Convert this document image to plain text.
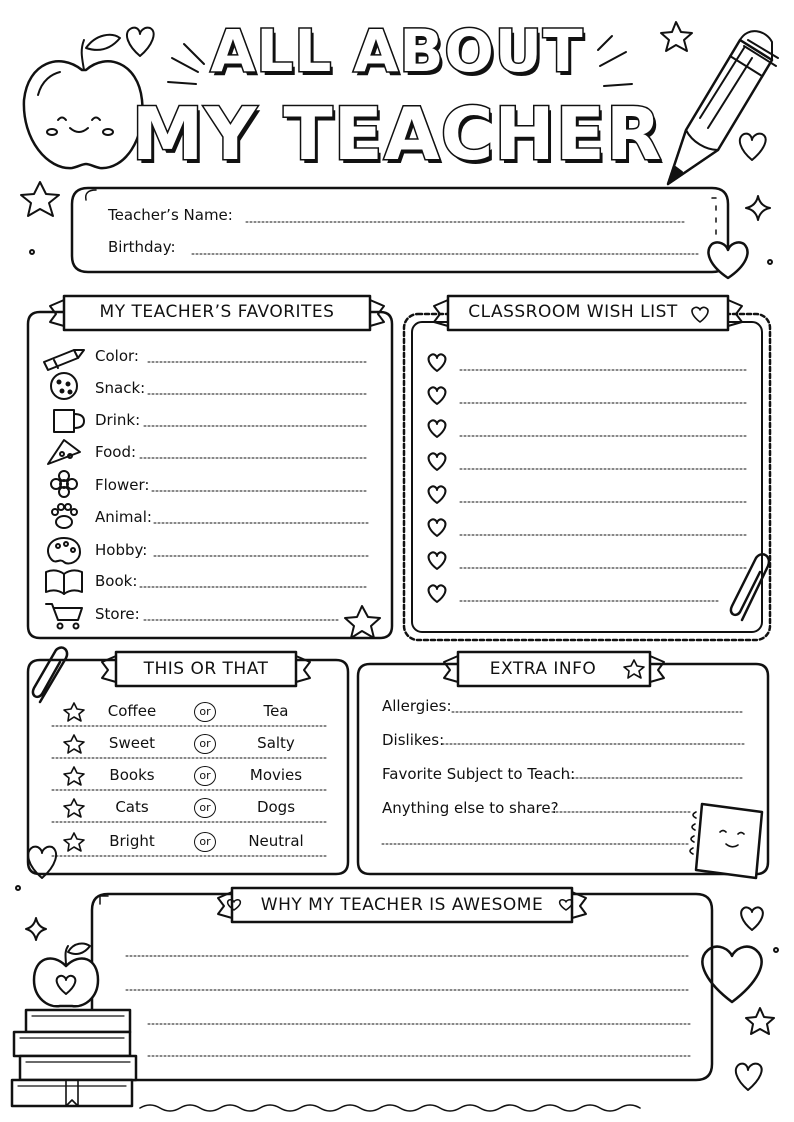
ALL ABOUT
MY TEACHER
Teacher’s Name:
Birthday:
MY TEACHER’S FAVORITES
Color:
Snack:
Drink:
Food:
Flower:
Animal:
Hobby:
Book:
Store:
CLASSROOM WISH LIST
THIS OR THAT
Coffee	or	Tea
Sweet	or	Salty
Books	or	Movies
Cats	or	Dogs
Bright	or	Neutral
EXTRA INFO
Allergies:
Dislikes:
Favorite Subject to Teach:
Anything else to share?
WHY MY TEACHER IS AWESOME
